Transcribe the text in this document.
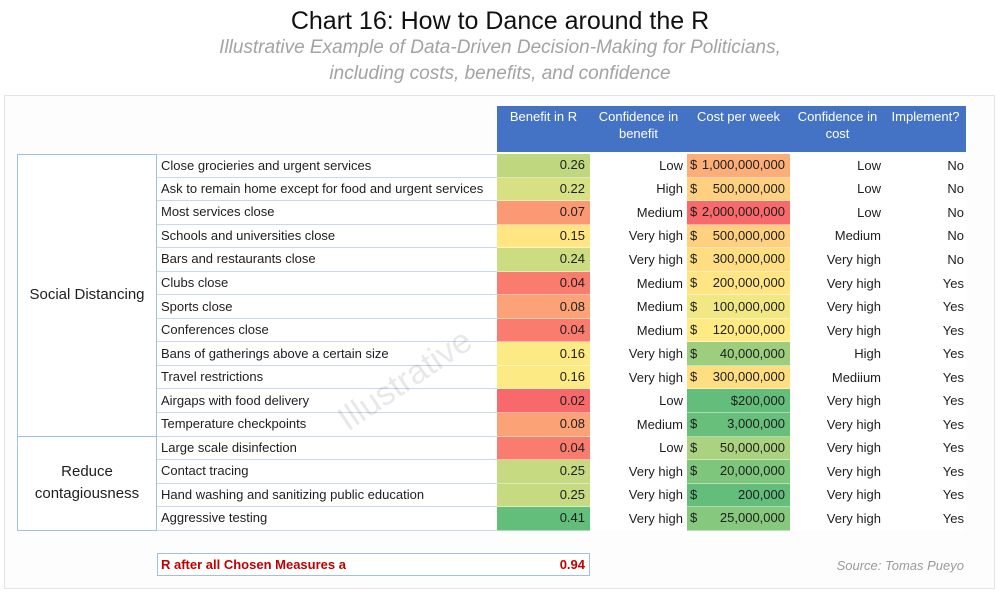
Chart 16: How to Dance around the R
Illustrative Example of Data-Driven Decision-Making for Politicians,
including costs, benefits, and confidence
Benefit in R	Confidence in benefit
Cost per week	Confidence in cost
Implement?
Social Distancing
Close grocieries and urgent services	0.26	Low $ 1,000,000,000	Low	No
Ask to remain home except for food and urgent services	0.22	High $ 500,000,000	Low	No
Most services close	0.07	Medium $ 2,000,000,000	Low	No
Schools and universities close	0.15	Very high $ 500,000,000	Medium	No
Bars and restaurants close	0.24	Very high $ 300,000,000	Very high	No
Clubs close	0.04	Medium $ 200,000,000	Very high	Yes
Sports close	0.08	Medium $ 100,000,000	Very high	Yes
Conferences close	0.04	Medium $ 120,000,000	Very high	Yes
Bans of gatherings above a certain size	0.16	Very high $ 40,000,000	High	Yes
Travel restrictions	0.16	Very high $ 300,000,000	Mediium	Yes
Airgaps with food delivery	0.02	Low	$200,000	Very high	Yes
Temperature checkpoints	0.08	Medium $ 3,000,000	Very high	Yes
Reduce contagiousness
Large scale disinfection	0.04	Low $ 50,000,000	Very high	Yes
Contact tracing	0.25	Very high $ 20,000,000	Very high	Yes
Hand washing and sanitizing public education	0.25	Very high $	200,000	Very high	Yes
Aggressive testing	0.41	Very high $ 25,000,000	Very high	Yes
R after all Chosen Measures a	0.94	Source: Tomas Pueyo
